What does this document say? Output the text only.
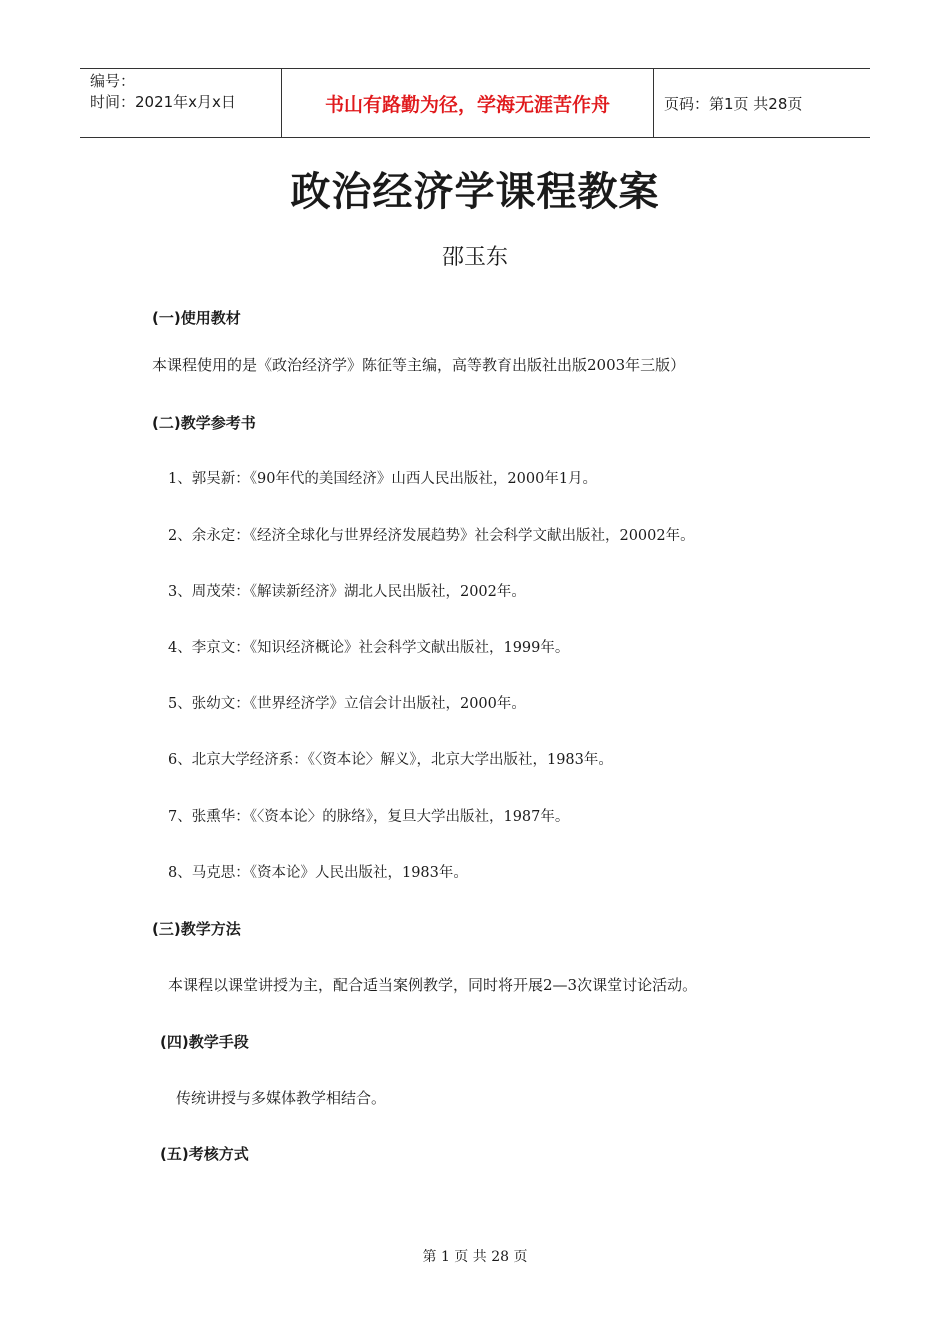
编号：
时间：2021年x月x日	书山有路勤为径，学海无涯苦作舟	页码：第1页 共28页
政治经济学课程教案
邵玉东
(一)使用教材
本课程使用的是《政治经济学》陈征等主编，高等教育出版社出版2003年三版）
(二)教学参考书
1、郭吴新：《90年代的美国经济》山西人民出版社，2000年1月。
2、余永定：《经济全球化与世界经济发展趋势》社会科学文献出版社，20002年。
3、周茂荣：《解读新经济》湖北人民出版社，2002年。
4、李京文：《知识经济概论》社会科学文献出版社，1999年。
5、张幼文：《世界经济学》立信会计出版社，2000年。
6、北京大学经济系：《〈资本论〉解义》，北京大学出版社，1983年。
7、张熏华：《〈资本论〉的脉络》，复旦大学出版社，1987年。
8、马克思：《资本论》人民出版社，1983年。
(三)教学方法
本课程以课堂讲授为主，配合适当案例教学，同时将开展2—3次课堂讨论活动。
(四)教学手段
传统讲授与多媒体教学相结合。
(五)考核方式
第 1 页 共 28 页
